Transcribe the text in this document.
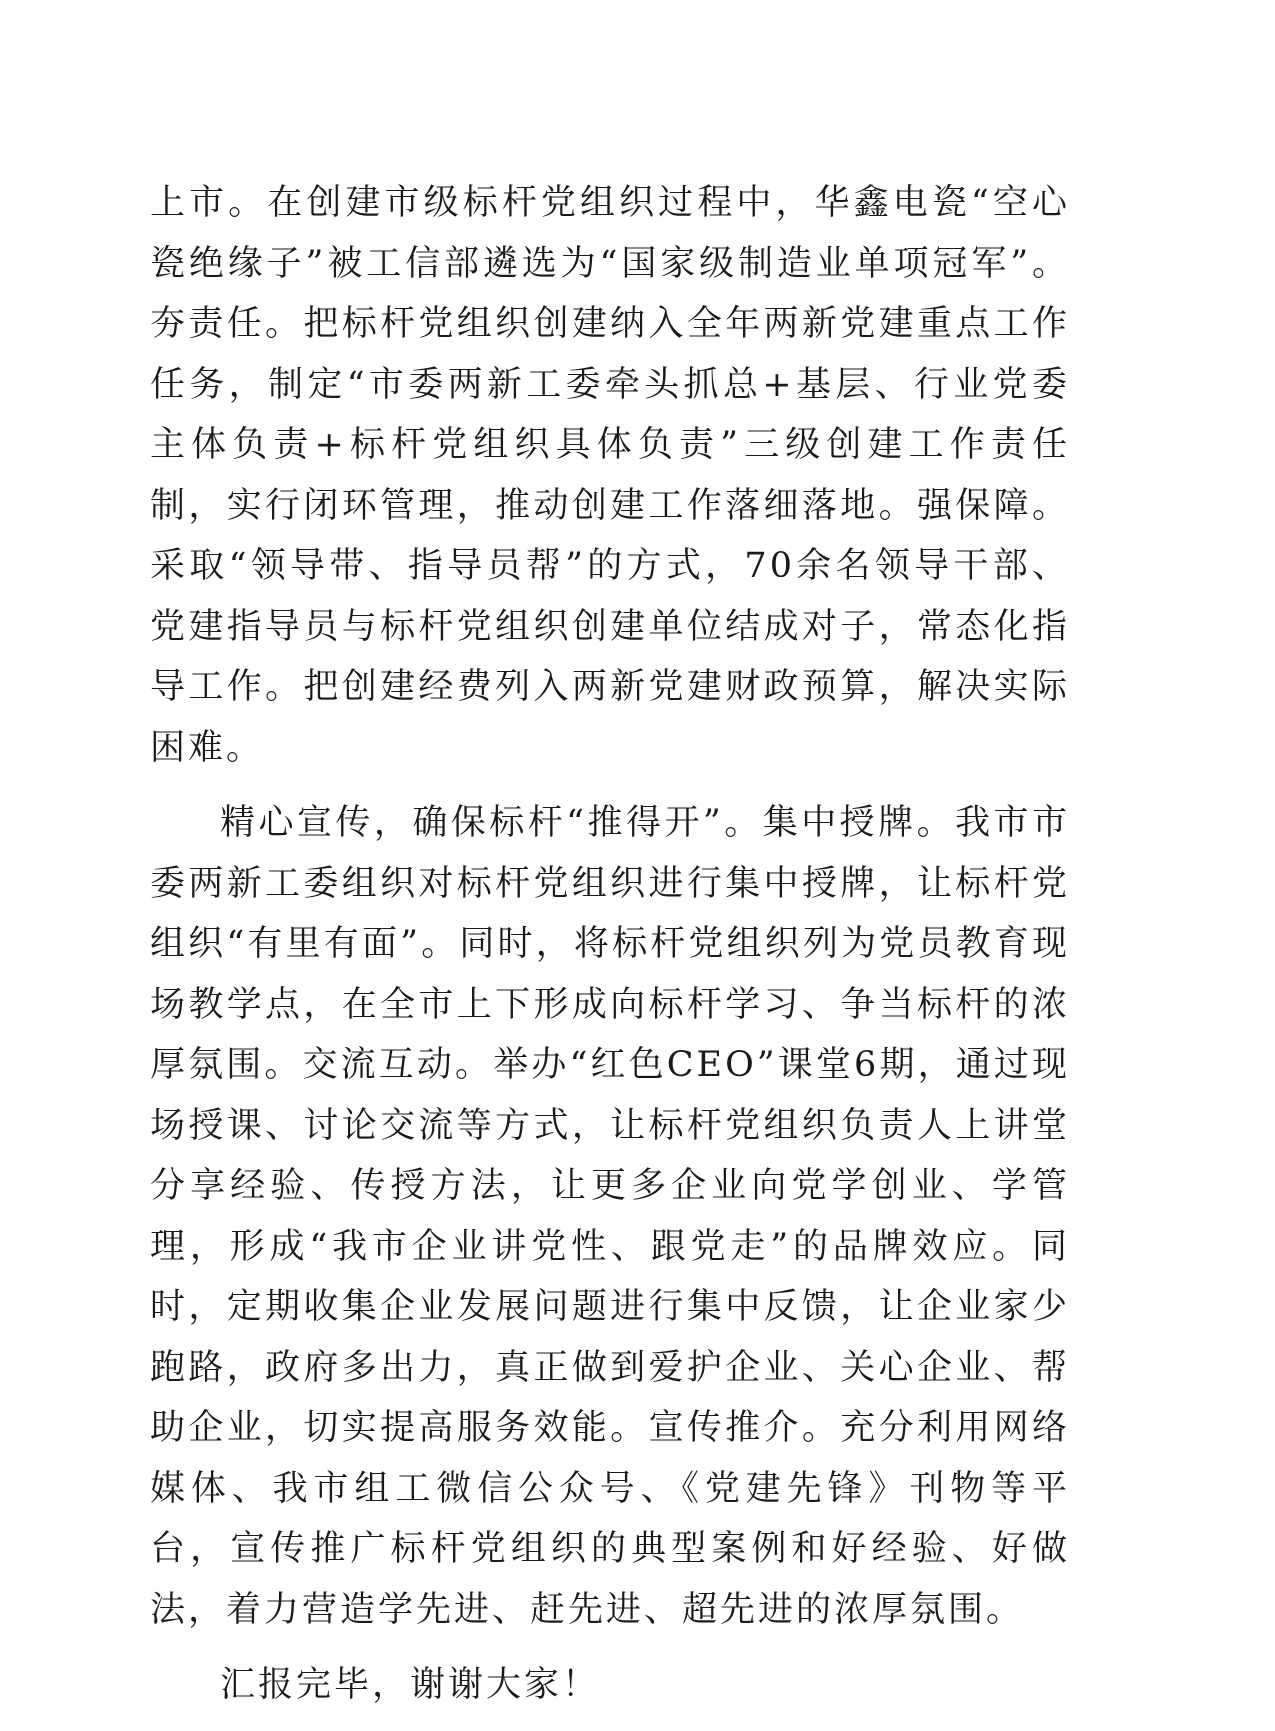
上市。在创建市级标杆党组织过程中，华鑫电瓷“空心瓷绝缘子”被工信部遴选为“国家级制造业单项冠军”。夯责任。把标杆党组织创建纳入全年两新党建重点工作任务，制定“市委两新工委牵头抓总+基层、行业党委主体负责+标杆党组织具体负责”三级创建工作责任制，实行闭环管理，推动创建工作落细落地。强保障。采取“领导带、指导员帮”的方式，70余名领导干部、党建指导员与标杆党组织创建单位结成对子，常态化指导工作。把创建经费列入两新党建财政预算，解决实际困难。

精心宣传，确保标杆“推得开”。集中授牌。我市市委两新工委组织对标杆党组织进行集中授牌，让标杆党组织“有里有面”。同时，将标杆党组织列为党员教育现场教学点，在全市上下形成向标杆学习、争当标杆的浓厚氛围。交流互动。举办“红色CEO”课堂6期，通过现场授课、讨论交流等方式，让标杆党组织负责人上讲堂分享经验、传授方法，让更多企业向党学创业、学管理，形成“我市企业讲党性、跟党走”的品牌效应。同时，定期收集企业发展问题进行集中反馈，让企业家少跑路，政府多出力，真正做到爱护企业、关心企业、帮助企业，切实提高服务效能。宣传推介。充分利用网络媒体、我市组工微信公众号、《党建先锋》刊物等平台，宣传推广标杆党组织的典型案例和好经验、好做法，着力营造学先进、赶先进、超先进的浓厚氛围。

汇报完毕，谢谢大家！
